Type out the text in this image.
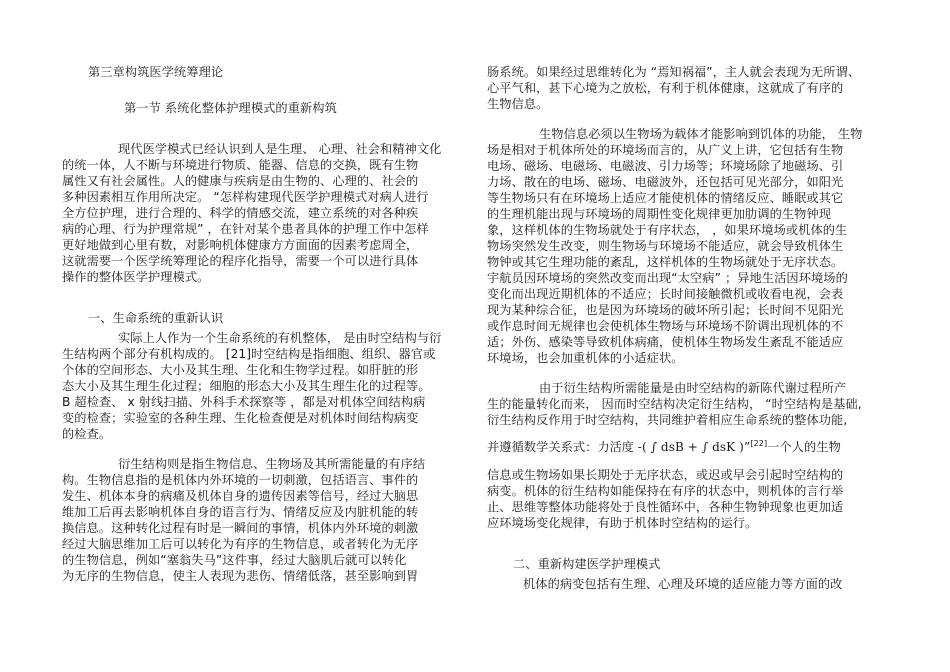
第三章构筑医学统筹理论
第一节 系统化整体护理模式的重新构筑
现代医学模式已经认识到人是生理、 心理、社会和精神文化
的统一体，人不断与环境进行物质、能器、信息的交换，既有生物
属性又有社会属性。人的健康与疾病是由生物的、心理的、社会的
多种因素相互作用所决定。 “怎样构建现代医学护理模式对病人进行
全方位护理，进行合理的、科学的情感交流，建立系统的对各种疾
病的心理、行为护理常规” ，在针对某个患者具体的护理工作中怎样
更好地做到心里有数，对影响机体健康方方面面的因素考虑周全，
这就需要一个医学统筹理论的程序化指导，需要一个可以进行具体
操作的整体医学护理模式。
一、生命系统的重新认识
实际上人作为一个生命系统的有机整体， 是由时空结构与衍
生结构两个部分有机构成的。 [21]时空结构是指细胞、组织、器官或
个体的空间形态、大小及其生理、生化和生物学过程。如肝脏的形
态大小及其生理生化过程；细胞的形态大小及其生理生化的过程等。
B 超检查、 x 射线扫描、外科手术探察等 ，都是对机体空间结构病
变的检查；实验室的各种生理、生化检查便是对机体时间结构病变
的检查。
衍生结构则是指生物信息、生物场及其所需能量的有序结
构。生物信息指的是机体内外环境的一切刺激，包括语言、事件的
发生、机体本身的病痛及机体自身的遗传因素等信号，经过大脑思
维加工后再去影响机体自身的语言行为、情绪反应及内脏机能的转
换信息。这种转化过程有时是一瞬间的事情，机体内外环境的刺激
经过大脑思维加工后可以转化为有序的生物信息，或者转化为无序
的生物信息，例如“塞翁失马”这件事，经过大脑肌后就可以转化
为无序的生物信息，使主人表现为悲伤、情绪低落，甚至影响到胃
肠系统。如果经过思维转化为 “焉知祸福”，主人就会表现为无所谓、
心平气和，甚下心境为之放松，有利于机体健康，这就成了有序的
生物信息。
生物信息必须以生物场为载体才能影响到饥体的功能， 生物
场是相对于机体所处的环境场而言的，从广义上讲，它包括有生物
电场、磁场、电磁场、电磁波、引力场等；环境场除了地磁场、引
力场、散在的电场、磁场、电磁波外，还包括可见光部分，如阳光
等生物场只有在环境场上适应才能使机体的情绪反应、睡眠或其它
的生理机能出现与环境场的周期性变化规律更加肋调的生物钟现
象，这样机体的生物场就处于有序状态， ，如果环境场或机体的生
物场突然发生改变，则生物场与环境场不能适应，就会导致机体生
物钟或其它生理功能的紊乱，这样机体的生物场就处于无序状态。
宇航员因环境场的突然改变而出现“太空病” ；异地生活因环境场的
变化而出现近期机体的不适应；长时间接触微机或收看电视，会表
现为某种综合征，也是因为环境场的破坏所引起；长时间不见阳光
或作息时间无规律也会使机体生物场与环境场不阶调出现机体的不
适；外伤、感染等导致机体病痛，使机体生物场发生紊乱不能适应
环境场，也会加重机体的小适症状。
由于衍生结构所需能量是由时空结构的新陈代谢过程所产
生的能量转化而来， 因而时空结构决定衍生结构， “时空结构是基础,
衍生结构反作用于时空结构，共同维护着相应生命系统的整体功能,
信息或生物场如果长期处于无序状态，或迟或早会引起时空结构的
病变。机体的衍生结构如能保持在有序的状态中，则机体的言行举
止、思维等整体功能将处于良性循环中，各种生物钟现象也更加适
应环境场变化规律，有助于机体时空结构的运行。
二、重新构建医学护理模式
机体的病变包括有生理、心理及环境的适应能力等方面的改
并遵循数学关系式：力活度 -( ∫ dsB + ∫ dsK )”[22]一个人的生物
